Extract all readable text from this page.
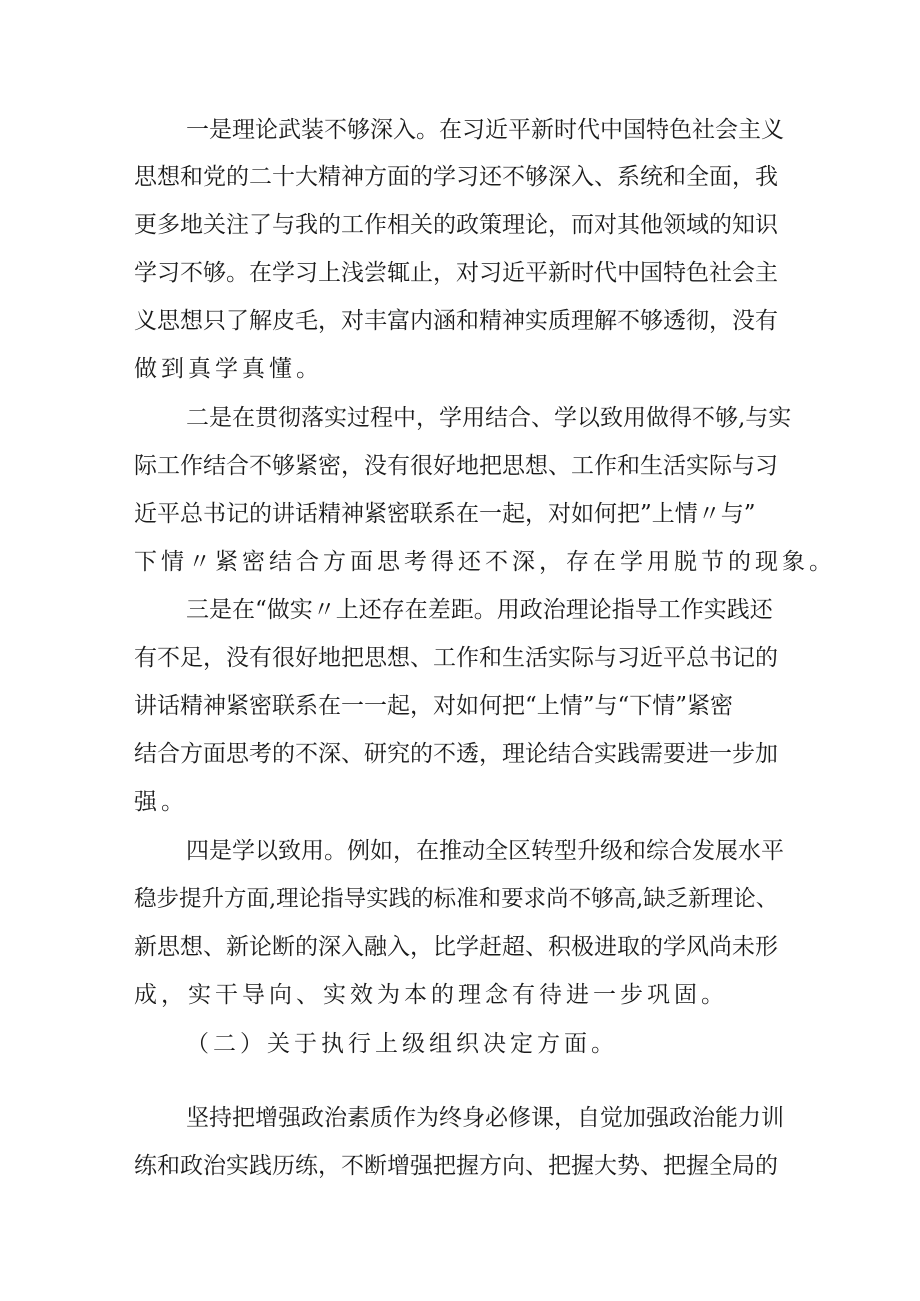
一是理论武装不够深入。在习近平新时代中国特色社会主义
思想和党的二十大精神方面的学习还不够深入、系统和全面，我
更多地关注了与我的工作相关的政策理论，而对其他领域的知识
学习不够。在学习上浅尝辄止，对习近平新时代中国特色社会主
义思想只了解皮毛，对丰富内涵和精神实质理解不够透彻，没有
做到真学真懂。
二是在贯彻落实过程中，学用结合、学以致用做得不够,与实
际工作结合不够紧密，没有很好地把思想、工作和生活实际与习
近平总书记的讲话精神紧密联系在一起，对如何把”上情〃与”
下情〃紧密结合方面思考得还不深，存在学用脱节的现象。
三是在“做实〃上还存在差距。用政治理论指导工作实践还
有不足，没有很好地把思想、工作和生活实际与习近平总书记的
讲话精神紧密联系在一一起，对如何把“上情”与“下情”紧密
结合方面思考的不深、研究的不透，理论结合实践需要进一步加
强。
四是学以致用。例如，在推动全区转型升级和综合发展水平
稳步提升方面,理论指导实践的标准和要求尚不够高,缺乏新理论、
新思想、新论断的深入融入，比学赶超、积极进取的学风尚未形
成，实干导向、实效为本的理念有待进一步巩固。
（二）关于执行上级组织决定方面。
坚持把增强政治素质作为终身必修课，自觉加强政治能力训
练和政治实践历练，不断增强把握方向、把握大势、把握全局的
